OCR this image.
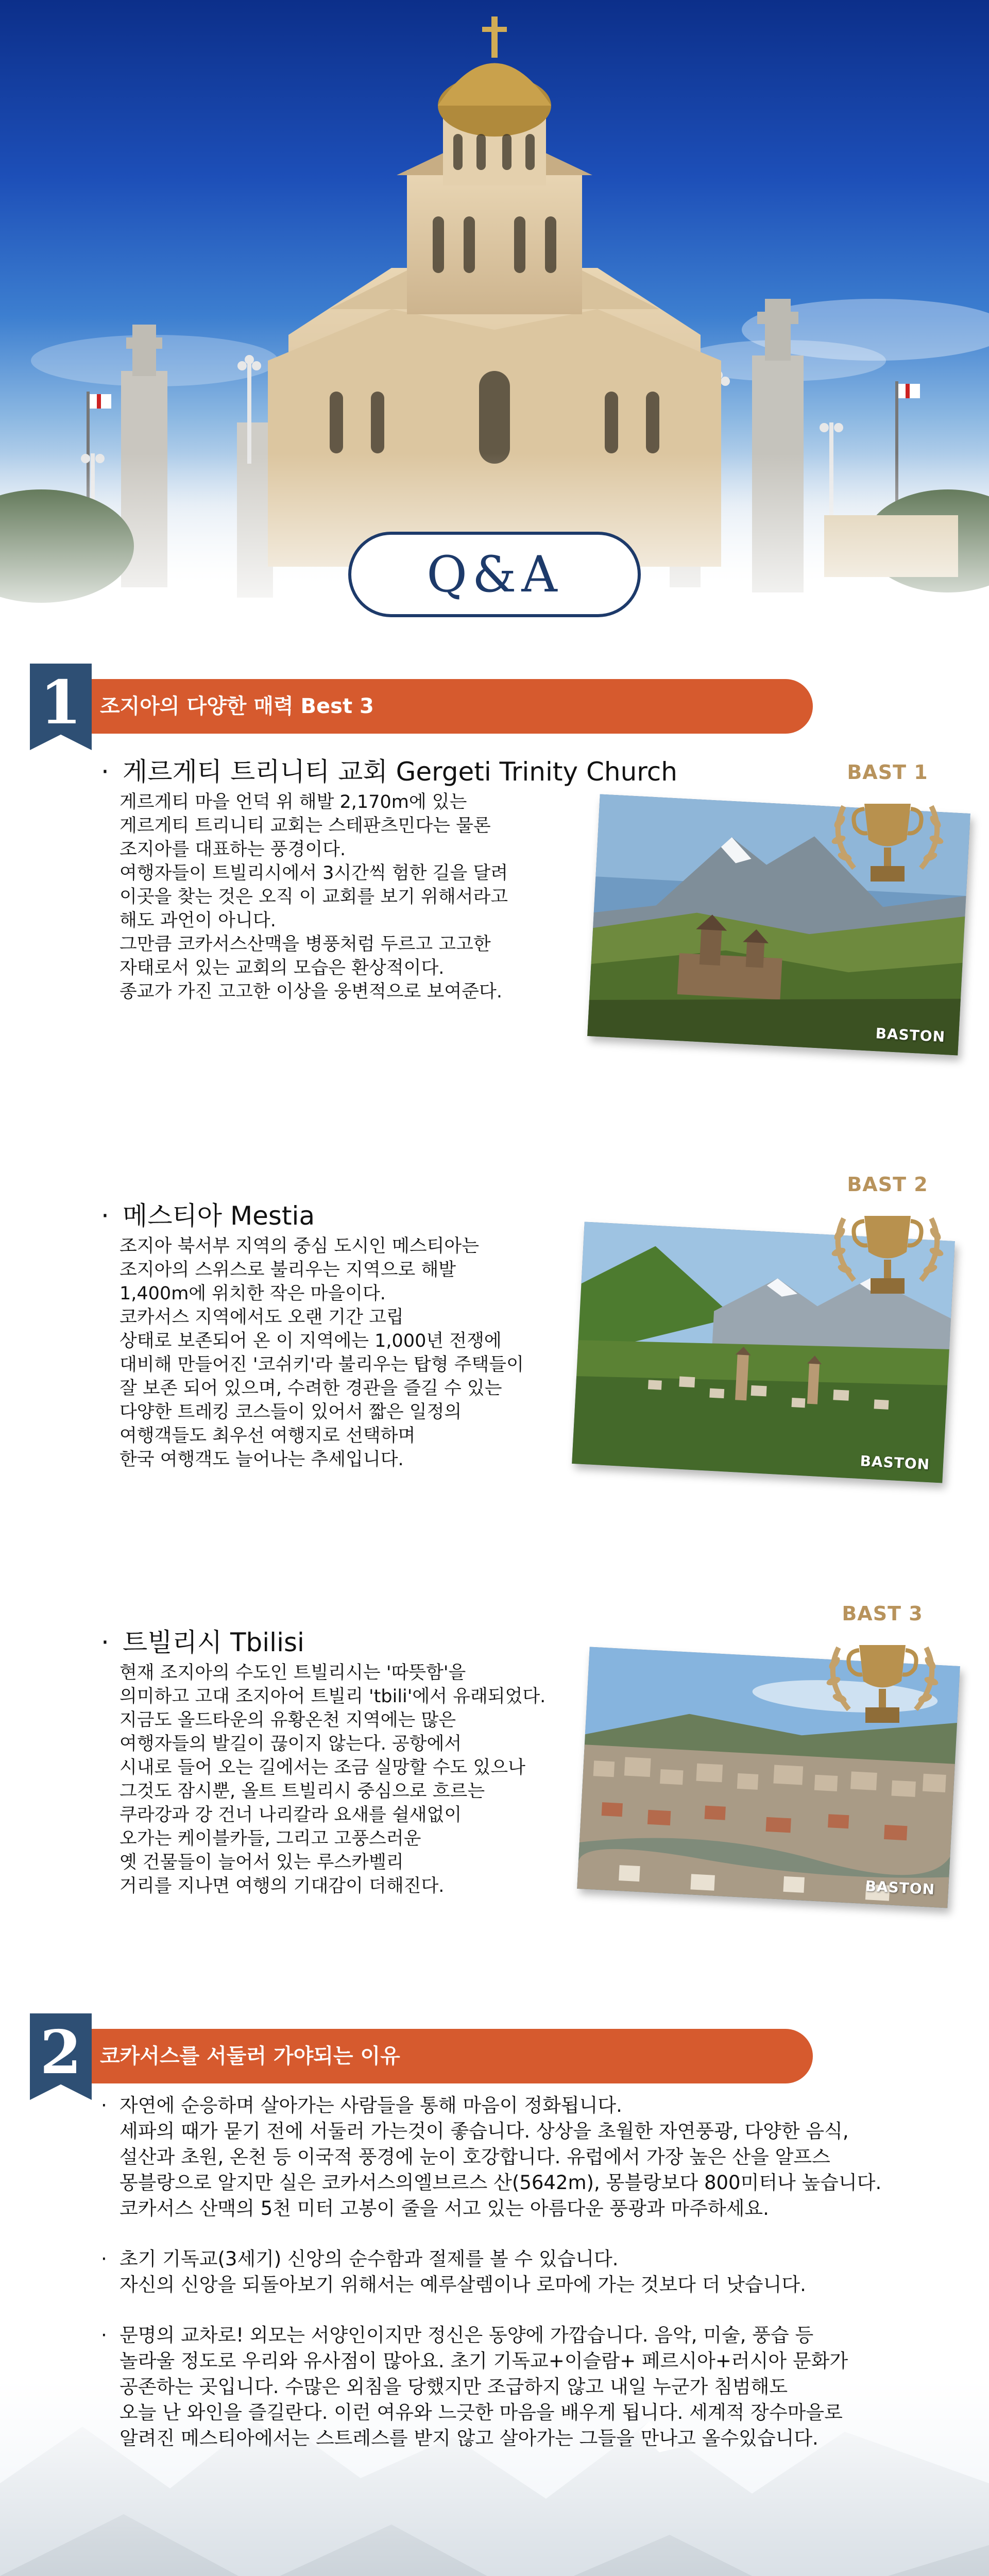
Q&A
1 조지아의 다양한 매력 Best 3
· 게르게티 트리니티 교회 Gergeti Trinity Church
게르게티 마을 언덕 위 해발 2,170m에 있는
게르게티 트리니티 교회는 스테판츠민다는 물론
조지아를 대표하는 풍경이다.
여행자들이 트빌리시에서 3시간씩 험한 길을 달려
이곳을 찾는 것은 오직 이 교회를 보기 위해서라고
해도 과언이 아니다.
그만큼 코카서스산맥을 병풍처럼 두르고 고고한
자태로서 있는 교회의 모습은 환상적이다.
종교가 가진 고고한 이상을 웅변적으로 보여준다.
BASTON
BAST 1
· 메스티아 Mestia
조지아 북서부 지역의 중심 도시인 메스티아는
조지아의 스위스로 불리우는 지역으로 해발
1,400m에 위치한 작은 마을이다.
코카서스 지역에서도 오랜 기간 고립
상태로 보존되어 온 이 지역에는 1,000년 전쟁에
대비해 만들어진 '코쉬키'라 불리우는 탑형 주택들이
잘 보존 되어 있으며, 수려한 경관을 즐길 수 있는
다양한 트레킹 코스들이 있어서 짧은 일정의
여행객들도 최우선 여행지로 선택하며
한국 여행객도 늘어나는 추세입니다.	BASTON
BAST 2
· 트빌리시 Tbilisi
현재 조지아의 수도인 트빌리시는 '따뜻함'을
의미하고 고대 조지아어 트빌리 'tbili'에서 유래되었다.
지금도 올드타운의 유황온천 지역에는 많은
여행자들의 발길이 끊이지 않는다. 공항에서
시내로 들어 오는 길에서는 조금 실망할 수도 있으나
그것도 잠시뿐, 올트 트빌리시 중심으로 흐르는
쿠라강과 강 건너 나리칼라 요새를 쉴새없이
오가는 케이블카들, 그리고 고풍스러운
옛 건물들이 늘어서 있는 루스카벨리
거리를 지나면 여행의 기대감이 더해진다.	BASTON
BAST 3
2 코카서스를 서둘러 가야되는 이유
· 자연에 순응하며 살아가는 사람들을 통해 마음이 정화됩니다.
세파의 때가 묻기 전에 서둘러 가는것이 좋습니다. 상상을 초월한 자연풍광, 다양한 음식,
설산과 초원, 온천 등 이국적 풍경에 눈이 호강합니다. 유럽에서 가장 높은 산을 알프스
몽블랑으로 알지만 실은 코카서스의엘브르스 산(5642m), 몽블랑보다 800미터나 높습니다.
코카서스 산맥의 5천 미터 고봉이 줄을 서고 있는 아름다운 풍광과 마주하세요.
· 초기 기독교(3세기) 신앙의 순수함과 절제를 볼 수 있습니다.
자신의 신앙을 되돌아보기 위해서는 예루살렘이나 로마에 가는 것보다 더 낫습니다.
· 문명의 교차로! 외모는 서양인이지만 정신은 동양에 가깝습니다. 음악, 미술, 풍습 등
놀라울 정도로 우리와 유사점이 많아요. 초기 기독교+이슬람+ 페르시아+러시아 문화가
공존하는 곳입니다. 수많은 외침을 당했지만 조급하지 않고 내일 누군가 침범해도
오늘 난 와인을 즐길란다. 이런 여유와 느긋한 마음을 배우게 됩니다. 세계적 장수마을로
알려진 메스티아에서는 스트레스를 받지 않고 살아가는 그들을 만나고 올수있습니다.
